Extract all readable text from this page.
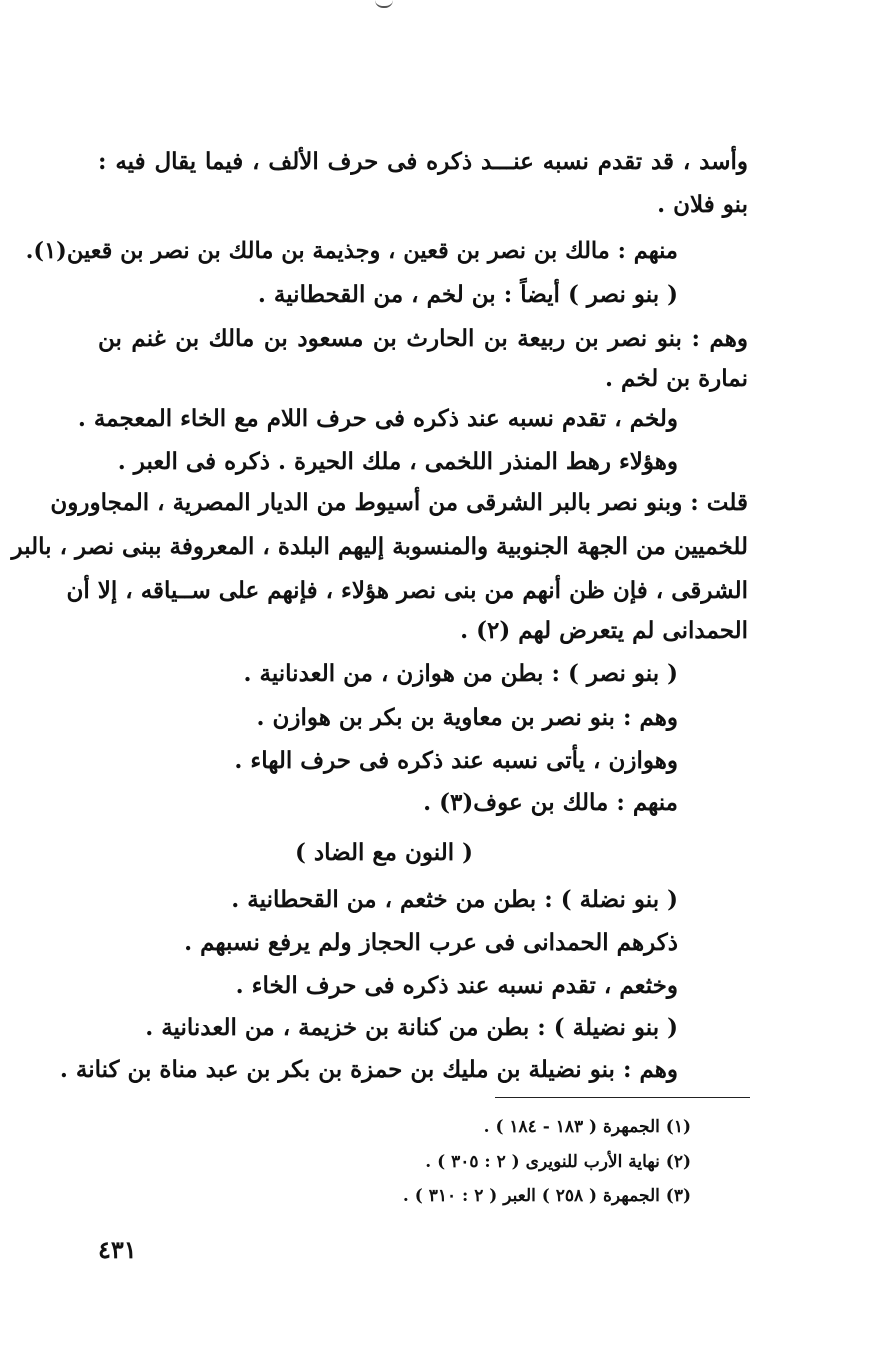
وأسد ، قد تقدم نسبه عنـــد ذكره فى حرف الألف ، فيما يقال فيه :

بنو فلان .

منهم : مالك بن نصر بن قعين ، وجذيمة بن مالك بن نصر بن قعين(١).

( بنو نصر ) أيضاً : بن لخم ، من القحطانية .

وهم : بنو نصر بن ربيعة بن الحارث بن مسعود بن مالك بن غنم بن

نمارة بن لخم .

ولخم ، تقدم نسبه عند ذكره فى حرف اللام مع الخاء المعجمة .

وهؤلاء رهط المنذر اللخمى ، ملك الحيرة . ذكره فى العبر .

قلت : وبنو نصر بالبر الشرقى من أسيوط من الديار المصرية ، المجاورون

للخميين من الجهة الجنوبية والمنسوبة إليهم البلدة ، المعروفة ببنى نصر ، بالبر

الشرقى ، فإن ظن أنهم من بنى نصر هؤلاء ، فإنهم على ســياقه ، إلا أن

الحمدانى لم يتعرض لهم (٢) .

( بنو نصر ) : بطن من هوازن ، من العدنانية .

وهم : بنو نصر بن معاوية بن بكر بن هوازن .

وهوازن ، يأتى نسبه عند ذكره فى حرف الهاء .

منهم : مالك بن عوف(٣) .

( النون مع الضاد )

( بنو نضلة ) : بطن من خثعم ، من القحطانية .

ذكرهم الحمدانى فى عرب الحجاز ولم يرفع نسبهم .

وخثعم ، تقدم نسبه عند ذكره فى حرف الخاء .

( بنو نضيلة ) : بطن من كنانة بن خزيمة ، من العدنانية .

وهم : بنو نضيلة بن مليك بن حمزة بن بكر بن عبد مناة بن كنانة .

(١) الجمهرة ( ١٨٣ - ١٨٤ ) .

(٢) نهاية الأرب للنويرى ( ٢ : ٣٠٥ ) .

(٣) الجمهرة ( ٢٥٨ ) العبر ( ٢ : ٣١٠ ) .

٤٣١
